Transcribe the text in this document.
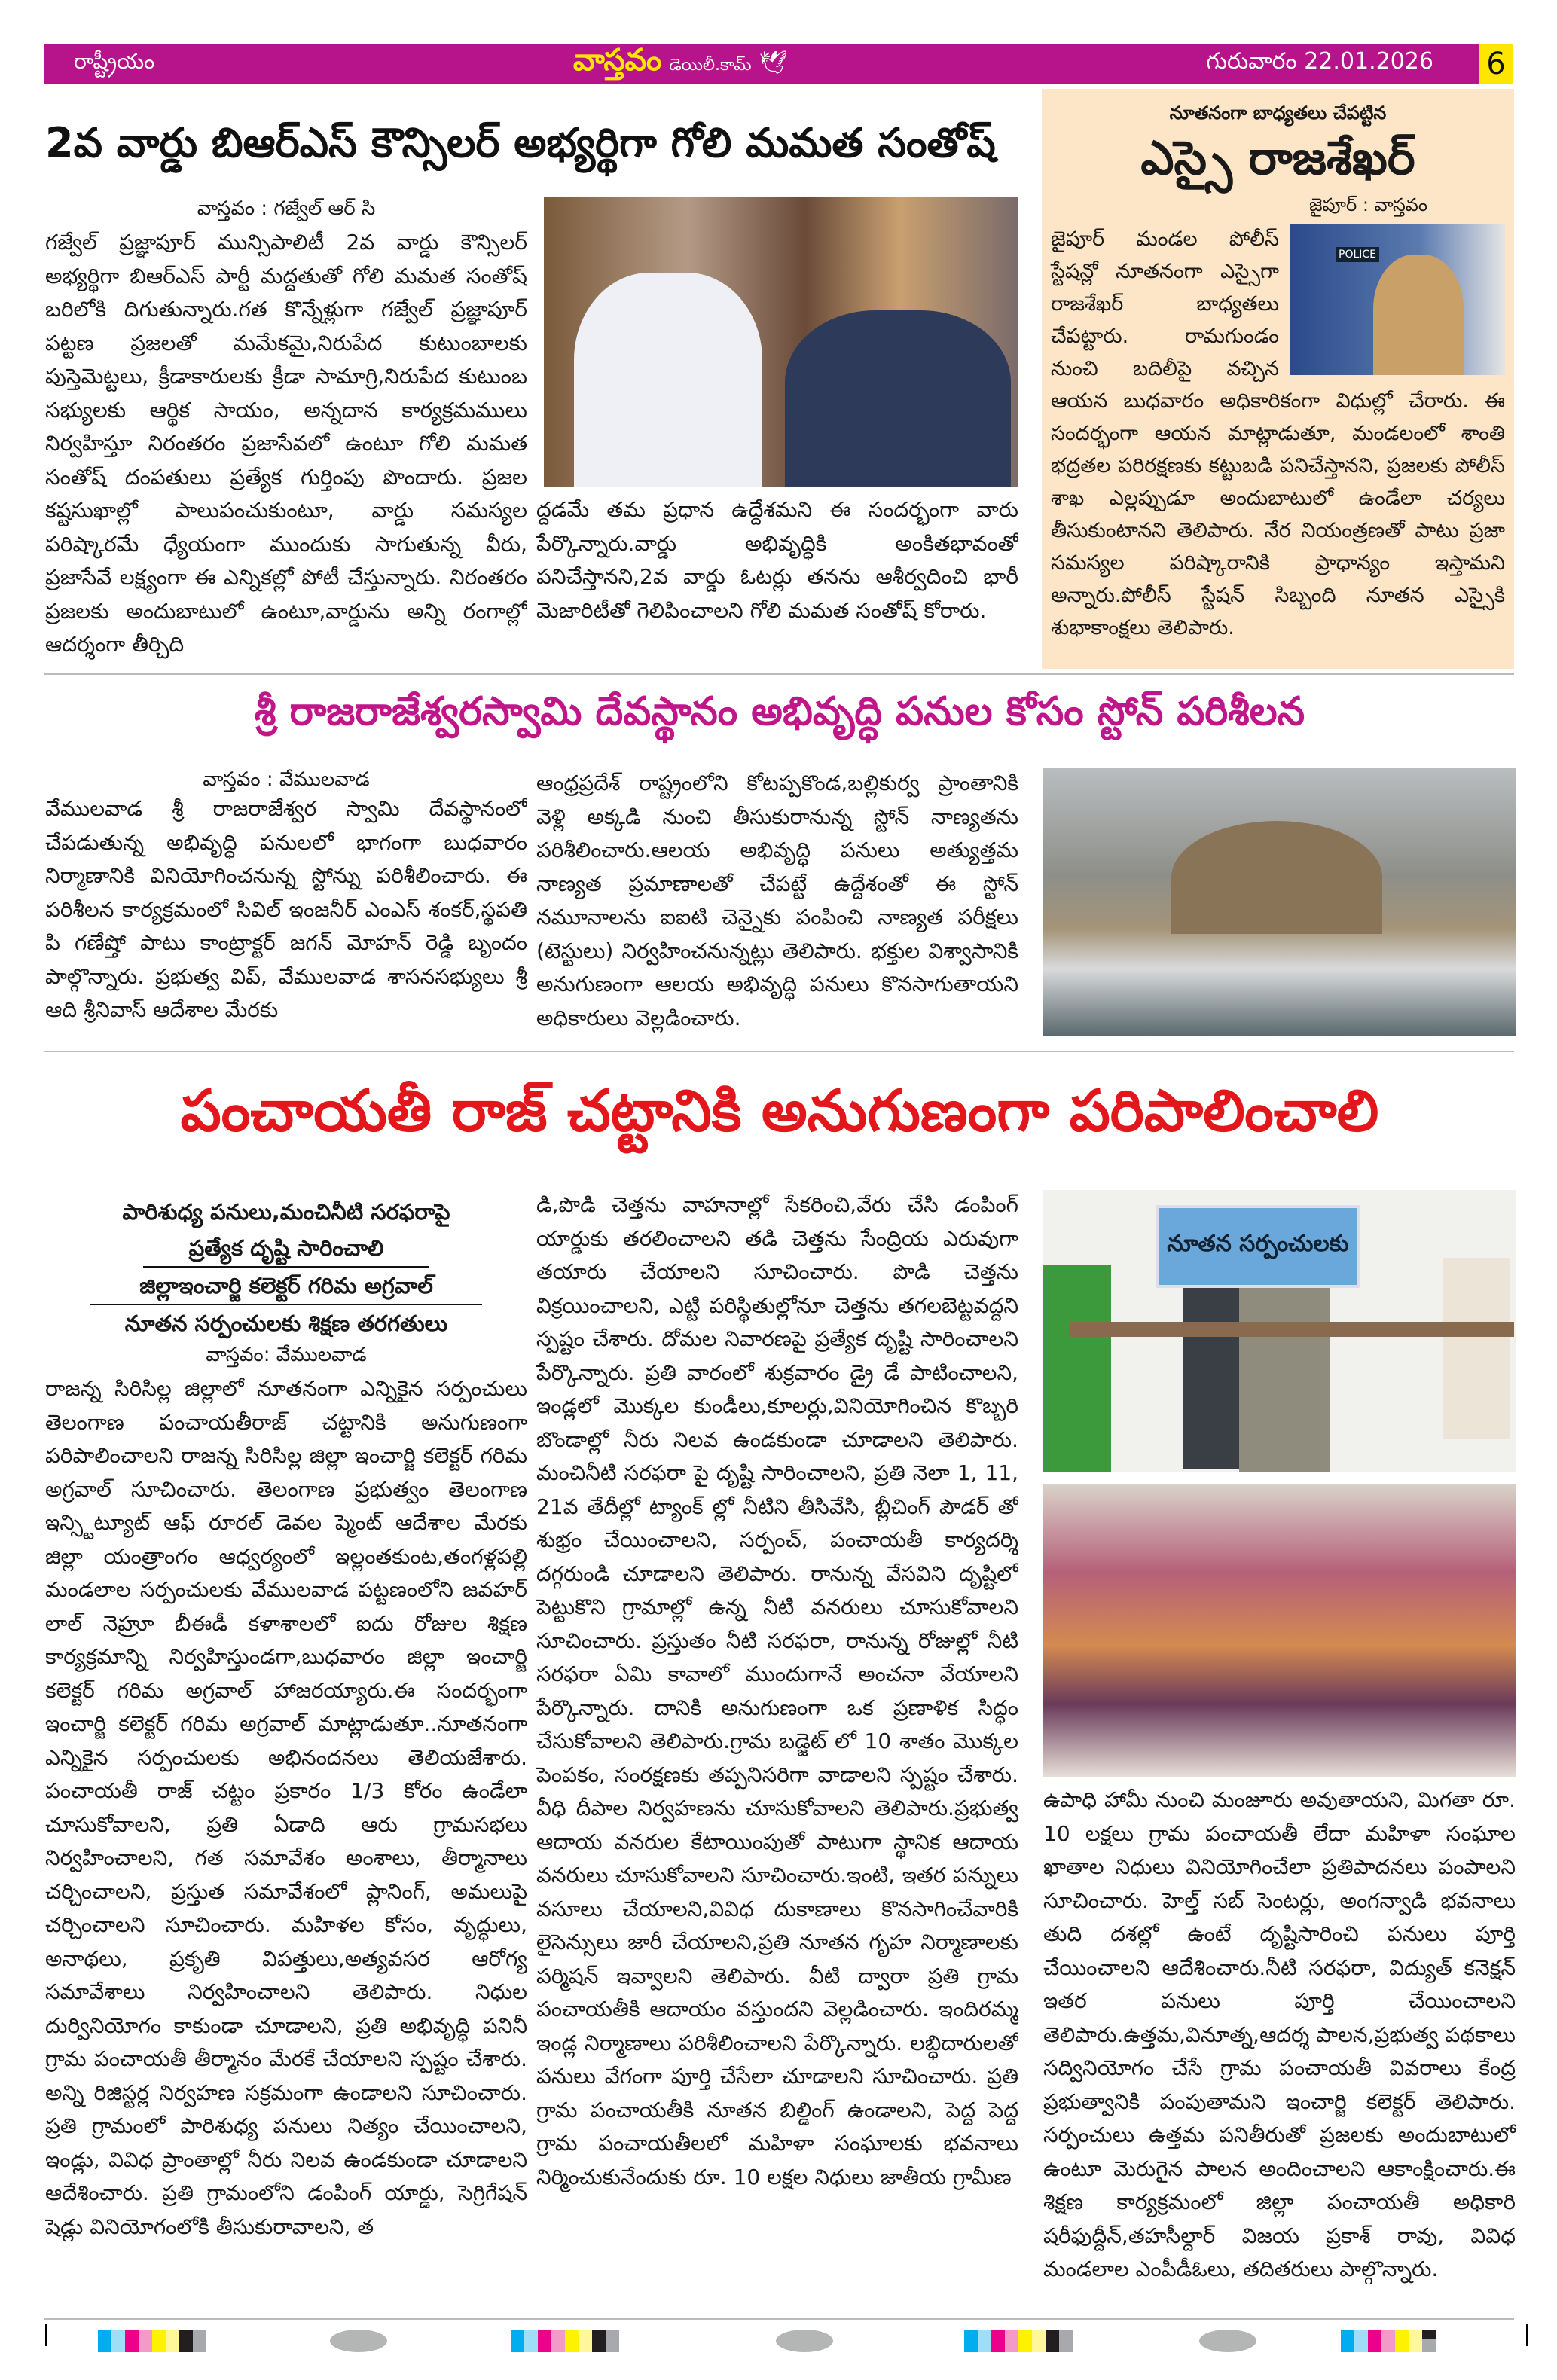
రాష్ట్రీయం	వాస్తవం డెయిలీ.కామ్ 🕊	గురువారం 22.01.2026 6
2వ వార్డు బిఆర్ఎస్ కౌన్సిలర్ అభ్యర్థిగా గోలి మమత సంతోష్
వాస్తవం : గజ్వేల్ ఆర్ సి
గజ్వేల్ ప్రజ్ఞాపూర్ మున్సిపాలిటీ 2వ వార్డు కౌన్సిలర్ అభ్యర్థిగా బిఆర్ఎస్ పార్టీ మద్దతుతో గోలి మమత సంతోష్ బరిలోకి దిగుతున్నారు.గత కొన్నేళ్లుగా గజ్వేల్ ప్రజ్ఞాపూర్ పట్టణ ప్రజలతో మమేకమై,నిరుపేద కుటుంబాలకు పుస్తెమెట్టలు, క్రీడాకారులకు క్రీడా సామాగ్రి,నిరుపేద కుటుంబ సభ్యులకు ఆర్థిక సాయం, అన్నదాన కార్యక్రమములు నిర్వహిస్తూ నిరంతరం ప్రజాసేవలో ఉంటూ గోలి మమత సంతోష్ దంపతులు ప్రత్యేక గుర్తింపు పొందారు. ప్రజల కష్టసుఖాల్లో పాలుపంచుకుంటూ, వార్డు సమస్యల పరిష్కారమే ధ్యేయంగా ముందుకు సాగుతున్న వీరు, ప్రజాసేవే లక్ష్యంగా ఈ ఎన్నికల్లో పోటీ చేస్తున్నారు. నిరంతరం ప్రజలకు అందుబాటులో ఉంటూ,వార్డును అన్ని రంగాల్లో ఆదర్శంగా తీర్చిది
ద్దడమే తమ ప్రధాన ఉద్దేశమని ఈ సందర్భంగా వారు పేర్కొన్నారు.వార్డు అభివృద్ధికి అంకితభావంతో పనిచేస్తానని,2వ వార్డు ఓటర్లు తనను ఆశీర్వదించి భారీ మెజారిటీతో గెలిపించాలని గోలి మమత సంతోష్ కోరారు.
నూతనంగా బాధ్యతలు చేపట్టిన
ఎస్సై రాజశేఖర్
జైపూర్ : వాస్తవం
POLICE
జైపూర్ మండల పోలీస్ స్టేషన్లో నూతనంగా ఎస్సైగా రాజశేఖర్ బాధ్యతలు చేపట్టారు. రామగుండం నుంచి బదిలీపై వచ్చిన ఆయన బుధవారం అధికారికంగా విధుల్లో చేరారు. ఈ సందర్భంగా ఆయన మాట్లాడుతూ, మండలంలో శాంతి భద్రతల పరిరక్షణకు కట్టుబడి పనిచేస్తానని, ప్రజలకు పోలీస్ శాఖ ఎల్లప్పుడూ అందుబాటులో ఉండేలా చర్యలు తీసుకుంటానని తెలిపారు. నేర నియంత్రణతో పాటు ప్రజా సమస్యల పరిష్కారానికి ప్రాధాన్యం ఇస్తామని అన్నారు.పోలీస్ స్టేషన్ సిబ్బంది నూతన ఎస్సైకి శుభాకాంక్షలు తెలిపారు.
శ్రీ రాజరాజేశ్వరస్వామి దేవస్థానం అభివృద్ధి పనుల కోసం స్టోన్ పరిశీలన
వాస్తవం : వేములవాడ
వేములవాడ శ్రీ రాజరాజేశ్వర స్వామి దేవస్థానంలో చేపడుతున్న అభివృద్ధి పనులలో భాగంగా బుధవారం నిర్మాణానికి వినియోగించనున్న స్టోన్ను పరిశీలించారు. ఈ పరిశీలన కార్యక్రమంలో సివిల్ ఇంజనీర్ ఎంఎస్ శంకర్,స్థపతి పి గణేష్తో పాటు కాంట్రాక్టర్ జగన్ మోహన్ రెడ్డి బృందం పాల్గొన్నారు. ప్రభుత్వ విప్, వేములవాడ శాసనసభ్యులు శ్రీ ఆది శ్రీనివాస్ ఆదేశాల మేరకు
ఆంధ్రప్రదేశ్ రాష్ట్రంలోని కోటప్పకొండ,బల్లికుర్వ ప్రాంతానికి వెళ్లి అక్కడి నుంచి తీసుకురానున్న స్టోన్ నాణ్యతను పరిశీలించారు.ఆలయ అభివృద్ధి పనులు అత్యుత్తమ నాణ్యత ప్రమాణాలతో చేపట్టే ఉద్దేశంతో ఈ స్టోన్ నమూనాలను ఐఐటి చెన్నైకు పంపించి నాణ్యత పరీక్షలు (టెస్టులు) నిర్వహించనున్నట్లు తెలిపారు. భక్తుల విశ్వాసానికి అనుగుణంగా ఆలయ అభివృద్ధి పనులు కొనసాగుతాయని అధికారులు వెల్లడించారు.
పంచాయతీ రాజ్ చట్టానికి అనుగుణంగా పరిపాలించాలి
పారిశుధ్య పనులు,మంచినీటి సరఫరాపై
ప్రత్యేక దృష్టి సారించాలి
జిల్లాఇంచార్జి కలెక్టర్ గరిమ అగ్రవాల్
నూతన సర్పంచులకు శిక్షణ తరగతులు
వాస్తవం: వేములవాడ
రాజన్న సిరిసిల్ల జిల్లాలో నూతనంగా ఎన్నికైన సర్పంచులు తెలంగాణ పంచాయతీరాజ్ చట్టానికి అనుగుణంగా పరిపాలించాలని రాజన్న సిరిసిల్ల జిల్లా ఇంచార్జి కలెక్టర్ గరిమ అగ్రవాల్ సూచించారు. తెలంగాణ ప్రభుత్వం తెలంగాణ ఇన్స్టిట్యూట్ ఆఫ్ రూరల్ డెవల ప్మెంట్ ఆదేశాల మేరకు జిల్లా యంత్రాంగం ఆధ్వర్యంలో ఇల్లంతకుంట,తంగళ్లపల్లి మండలాల సర్పంచులకు వేములవాడ పట్టణంలోని జవహర్ లాల్ నెహ్రూ బీఈడీ కళాశాలలో ఐదు రోజుల శిక్షణ కార్యక్రమాన్ని నిర్వహిస్తుండగా,బుధవారం జిల్లా ఇంచార్జి కలెక్టర్ గరిమ అగ్రవాల్ హాజరయ్యారు.ఈ సందర్భంగా ఇంచార్జి కలెక్టర్ గరిమ అగ్రవాల్ మాట్లాడుతూ..నూతనంగా ఎన్నికైన సర్పంచులకు అభినందనలు తెలియజేశారు. పంచాయతీ రాజ్ చట్టం ప్రకారం 1/3 కోరం ఉండేలా చూసుకోవాలని, ప్రతి ఏడాది ఆరు గ్రామసభలు నిర్వహించాలని, గత సమావేశం అంశాలు, తీర్మానాలు చర్చించాలని, ప్రస్తుత సమావేశంలో ప్లానింగ్, అమలుపై చర్చించాలని సూచించారు. మహిళల కోసం, వృద్ధులు, అనాథలు, ప్రకృతి విపత్తులు,అత్యవసర ఆరోగ్య సమావేశాలు నిర్వహించాలని తెలిపారు. నిధుల దుర్వినియోగం కాకుండా చూడాలని, ప్రతి అభివృద్ధి పనినీ గ్రామ పంచాయతీ తీర్మానం మేరకే చేయాలని స్పష్టం చేశారు. అన్ని రిజిస్టర్ల నిర్వహణ సక్రమంగా ఉండాలని సూచించారు. ప్రతి గ్రామంలో పారిశుధ్య పనులు నిత్యం చేయించాలని, ఇండ్లు, వివిధ ప్రాంతాల్లో నీరు నిలవ ఉండకుండా చూడాలని ఆదేశించారు. ప్రతి గ్రామంలోని డంపింగ్ యార్డు, సెగ్రిగేషన్ షెడ్లు వినియోగంలోకి తీసుకురావాలని, త
డి,పొడి చెత్తను వాహనాల్లో సేకరించి,వేరు చేసి డంపింగ్ యార్డుకు తరలించాలని తడి చెత్తను సేంద్రియ ఎరువుగా తయారు చేయాలని సూచించారు. పొడి చెత్తను విక్రయించాలని, ఎట్టి పరిస్థితుల్లోనూ చెత్తను తగలబెట్టవద్దని స్పష్టం చేశారు. దోమల నివారణపై ప్రత్యేక దృష్టి సారించాలని పేర్కొన్నారు. ప్రతి వారంలో శుక్రవారం డ్రై డే పాటించాలని, ఇండ్లలో మొక్కల కుండీలు,కూలర్లు,వినియోగించిన కొబ్బరి బొండాల్లో నీరు నిలవ ఉండకుండా చూడాలని తెలిపారు. మంచినీటి సరఫరా పై దృష్టి సారించాలని, ప్రతి నెలా 1, 11, 21వ తేదీల్లో ట్యాంక్ ల్లో నీటిని తీసివేసి, బ్లీచింగ్ పౌడర్ తో శుభ్రం చేయించాలని, సర్పంచ్, పంచాయతీ కార్యదర్శి దగ్గరుండి చూడాలని తెలిపారు. రానున్న వేసవిని దృష్టిలో పెట్టుకొని గ్రామాల్లో ఉన్న నీటి వనరులు చూసుకోవాలని సూచించారు. ప్రస్తుతం నీటి సరఫరా, రానున్న రోజుల్లో నీటి సరఫరా ఏమి కావాలో ముందుగానే అంచనా వేయాలని పేర్కొన్నారు. దానికి అనుగుణంగా ఒక ప్రణాళిక సిద్ధం చేసుకోవాలని తెలిపారు.గ్రామ బడ్జెట్ లో 10 శాతం మొక్కల పెంపకం, సంరక్షణకు తప్పనిసరిగా వాడాలని స్పష్టం చేశారు. వీధి దీపాల నిర్వహణను చూసుకోవాలని తెలిపారు.ప్రభుత్వ ఆదాయ వనరుల కేటాయింపుతో పాటుగా స్థానిక ఆదాయ వనరులు చూసుకోవాలని సూచించారు.ఇంటి, ఇతర పన్నులు వసూలు చేయాలని,వివిధ దుకాణాలు కొనసాగించేవారికి లైసెన్సులు జారీ చేయాలని,ప్రతి నూతన గృహ నిర్మాణాలకు పర్మిషన్ ఇవ్వాలని తెలిపారు. వీటి ద్వారా ప్రతి గ్రామ పంచాయతీకి ఆదాయం వస్తుందని వెల్లడించారు. ఇందిరమ్మ ఇండ్ల నిర్మాణాలు పరిశీలించాలని పేర్కొన్నారు. లబ్ధిదారులతో పనులు వేగంగా పూర్తి చేసేలా చూడాలని సూచించారు. ప్రతి గ్రామ పంచాయతీకి నూతన బిల్డింగ్ ఉండాలని, పెద్ద పెద్ద గ్రామ పంచాయతీలలో మహిళా సంఘాలకు భవనాలు నిర్మించుకునేందుకు రూ. 10 లక్షల నిధులు జాతీయ గ్రామీణ
నూతన సర్పంచులకు
ఉపాధి హామీ నుంచి మంజూరు అవుతాయని, మిగతా రూ. 10 లక్షలు గ్రామ పంచాయతీ లేదా మహిళా సంఘాల ఖాతాల నిధులు వినియోగించేలా ప్రతిపాదనలు పంపాలని సూచించారు. హెల్త్ సబ్ సెంటర్లు, అంగన్వాడి భవనాలు తుది దశల్లో ఉంటే దృష్టిసారించి పనులు పూర్తి చేయించాలని ఆదేశించారు.నీటి సరఫరా, విద్యుత్ కనెక్షన్ ఇతర పనులు పూర్తి చేయించాలని తెలిపారు.ఉత్తమ,వినూత్న,ఆదర్శ పాలన,ప్రభుత్వ పథకాలు సద్వినియోగం చేసే గ్రామ పంచాయతీ వివరాలు కేంద్ర ప్రభుత్వానికి పంపుతామని ఇంచార్జి కలెక్టర్ తెలిపారు. సర్పంచులు ఉత్తమ పనితీరుతో ప్రజలకు అందుబాటులో ఉంటూ మెరుగైన పాలన అందించాలని ఆకాంక్షించారు.ఈ శిక్షణ కార్యక్రమంలో జిల్లా పంచాయతీ అధికారి షరీఫుద్దీన్,తహసీల్దార్ విజయ ప్రకాశ్ రావు, వివిధ మండలాల ఎంపీడీఓలు, తదితరులు పాల్గొన్నారు.
